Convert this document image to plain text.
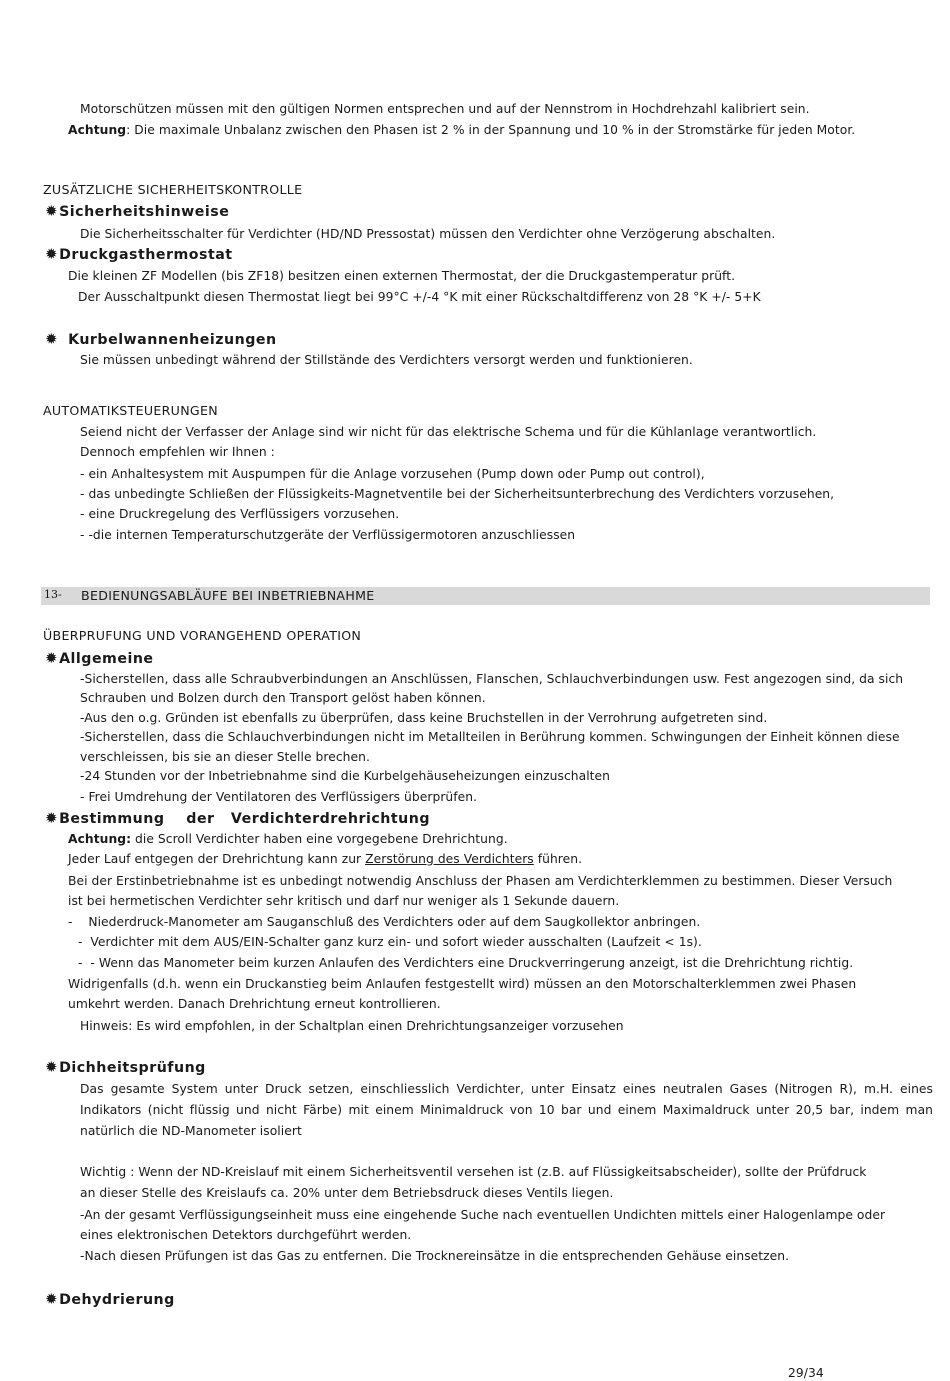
Motorschützen müssen mit den gültigen Normen entsprechen und auf der Nennstrom in Hochdrehzahl kalibriert sein.
Achtung: Die maximale Unbalanz zwischen den Phasen ist 2 % in der Spannung und 10 % in der Stromstärke für jeden Motor.
ZUSÄTZLICHE SICHERHEITSKONTROLLE
✹Sicherheitshinweise
Die Sicherheitsschalter für Verdichter (HD/ND Pressostat) müssen den Verdichter ohne Verzögerung abschalten.
✹Druckgasthermostat
Die kleinen ZF Modellen (bis ZF18) besitzen einen externen Thermostat, der die Druckgastemperatur prüft.
Der Ausschaltpunkt diesen Thermostat liegt bei 99°C +/-4 °K mit einer Rückschaltdifferenz von 28 °K +/- 5+K
✹ Kurbelwannenheizungen
Sie müssen unbedingt während der Stillstände des Verdichters versorgt werden und funktionieren.
AUTOMATIKSTEUERUNGEN
Seiend nicht der Verfasser der Anlage sind wir nicht für das elektrische Schema und für die Kühlanlage verantwortlich.
Dennoch empfehlen wir Ihnen :
- ein Anhaltesystem mit Auspumpen für die Anlage vorzusehen (Pump down oder Pump out control),
- das unbedingte Schließen der Flüssigkeits-Magnetventile bei der Sicherheitsunterbrechung des Verdichters vorzusehen,
- eine Druckregelung des Verflüssigers vorzusehen.
- -die internen Temperaturschutzgeräte der Verflüssigermotoren anzuschliessen
13- BEDIENUNGSABLÄUFE BEI INBETRIEBNAHME
ÜBERPRUFUNG UND VORANGEHEND OPERATION
✹Allgemeine
-Sicherstellen, dass alle Schraubverbindungen an Anschlüssen, Flanschen, Schlauchverbindungen usw. Fest angezogen sind, da sich
Schrauben und Bolzen durch den Transport gelöst haben können.
-Aus den o.g. Gründen ist ebenfalls zu überprüfen, dass keine Bruchstellen in der Verrohrung aufgetreten sind.
-Sicherstellen, dass die Schlauchverbindungen nicht im Metallteilen in Berührung kommen. Schwingungen der Einheit können diese
verschleissen, bis sie an dieser Stelle brechen.
-24 Stunden vor der Inbetriebnahme sind die Kurbelgehäuseheizungen einzuschalten
- Frei Umdrehung der Ventilatoren des Verflüssigers überprüfen.
✹Bestimmung    der   Verdichterdrehrichtung
Achtung: die Scroll Verdichter haben eine vorgegebene Drehrichtung.
Jeder Lauf entgegen der Drehrichtung kann zur Zerstörung des Verdichters führen.
Bei der Erstinbetriebnahme ist es unbedingt notwendig Anschluss der Phasen am Verdichterklemmen zu bestimmen. Dieser Versuch
ist bei hermetischen Verdichter sehr kritisch und darf nur weniger als 1 Sekunde dauern.
-    Niederdruck-Manometer am Sauganschluß des Verdichters oder auf dem Saugkollektor anbringen.
-  Verdichter mit dem AUS/EIN-Schalter ganz kurz ein- und sofort wieder ausschalten (Laufzeit < 1s).
-  - Wenn das Manometer beim kurzen Anlaufen des Verdichters eine Druckverringerung anzeigt, ist die Drehrichtung richtig.
Widrigenfalls (d.h. wenn ein Druckanstieg beim Anlaufen festgestellt wird) müssen an den Motorschalterklemmen zwei Phasen
umkehrt werden. Danach Drehrichtung erneut kontrollieren.
Hinweis: Es wird empfohlen, in der Schaltplan einen Drehrichtungsanzeiger vorzusehen
✹Dichheitsprüfung
Das gesamte System unter Druck setzen, einschliesslich Verdichter, unter Einsatz eines neutralen Gases (Nitrogen R), m.H. eines
Indikators (nicht flüssig und nicht Färbe) mit einem Minimaldruck von 10 bar und einem Maximaldruck unter 20,5 bar, indem man
natürlich die ND-Manometer isoliert
Wichtig : Wenn der ND-Kreislauf mit einem Sicherheitsventil versehen ist (z.B. auf Flüssigkeitsabscheider), sollte der Prüfdruck
an dieser Stelle des Kreislaufs ca. 20% unter dem Betriebsdruck dieses Ventils liegen.
-An der gesamt Verflüssigungseinheit muss eine eingehende Suche nach eventuellen Undichten mittels einer Halogenlampe oder
eines elektronischen Detektors durchgeführt werden.
-Nach diesen Prüfungen ist das Gas zu entfernen. Die Trocknereinsätze in die entsprechenden Gehäuse einsetzen.
✹Dehydrierung
29/34
